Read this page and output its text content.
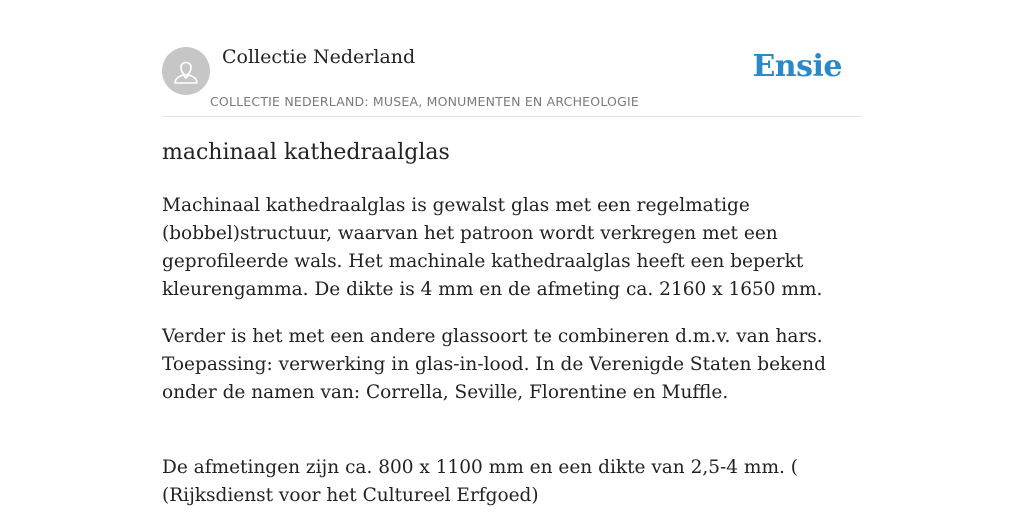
Collectie Nederland
COLLECTIE NEDERLAND: MUSEA, MONUMENTEN EN ARCHEOLOGIE
Ensie
machinaal kathedraalglas

Machinaal kathedraalglas is gewalst glas met een regelmatige (bobbel)structuur, waarvan het patroon wordt verkregen met een geprofileerde wals. Het machinale kathedraalglas heeft een beperkt kleurengamma. De dikte is 4 mm en de afmeting ca. 2160 x 1650 mm.

Verder is het met een andere glassoort te combineren d.m.v. van hars. Toepassing: verwerking in glas-in-lood. In de Verenigde Staten bekend onder de namen van: Corrella, Seville, Florentine en Muffle.

De afmetingen zijn ca. 800 x 1100 mm en een dikte van 2,5-4 mm. ( (Rijksdienst voor het Cultureel Erfgoed)
